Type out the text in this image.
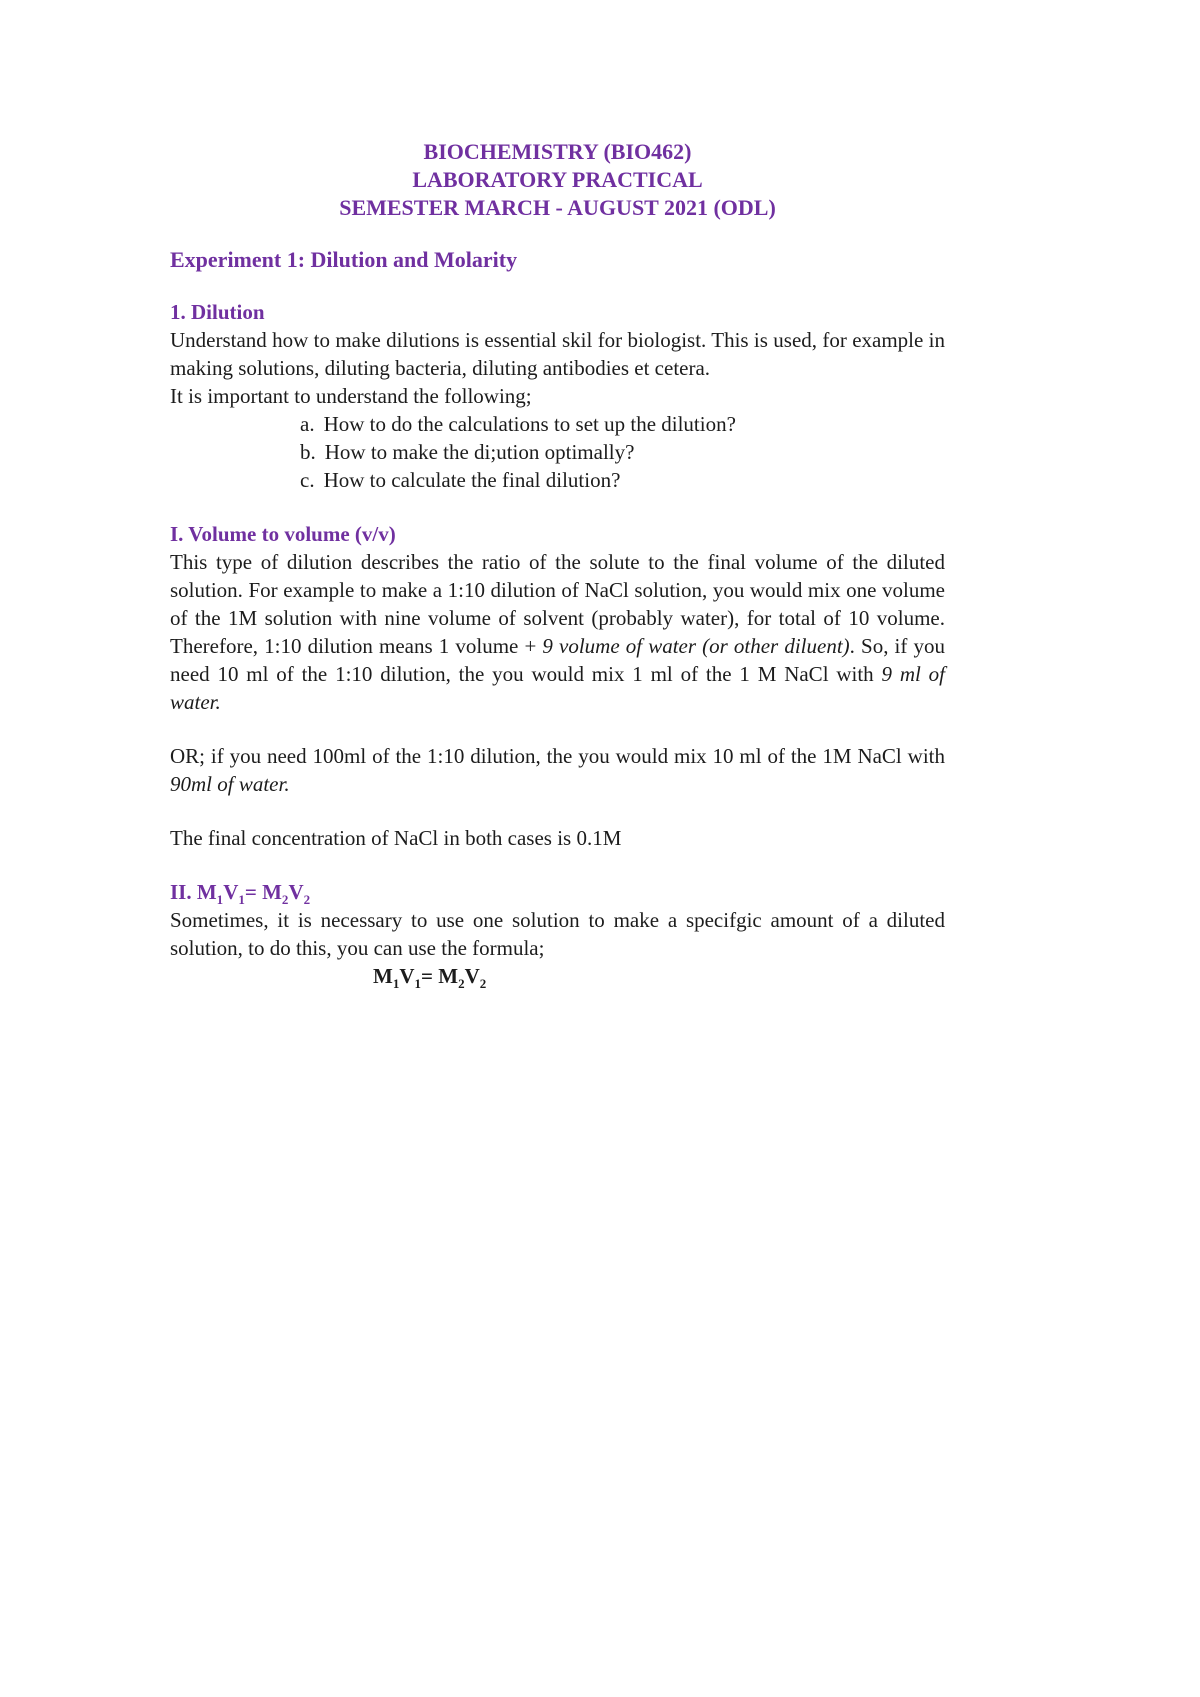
BIOCHEMISTRY (BIO462)
LABORATORY PRACTICAL
SEMESTER MARCH - AUGUST 2021 (ODL)
Experiment 1: Dilution and Molarity
1. Dilution
Understand how to make dilutions is essential skil for biologist. This is used, for example in making solutions, diluting bacteria, diluting antibodies et cetera.
It is important to understand the following;
a. How to do the calculations to set up the dilution?
b. How to make the di;ution optimally?
c. How to calculate the final dilution?
I. Volume to volume (v/v)
This type of dilution describes the ratio of the solute to the final volume of the diluted solution. For example to make a 1:10 dilution of NaCl solution, you would mix one volume of the 1M solution with nine volume of solvent (probably water), for total of 10 volume. Therefore, 1:10 dilution means 1 volume + 9 volume of water (or other diluent). So, if you need 10 ml of the 1:10 dilution, the you would mix 1 ml of the 1 M NaCl with 9 ml of water.
OR; if you need 100ml of the 1:10 dilution, the you would mix 10 ml of the 1M NaCl with 90ml of water.
The final concentration of NaCl in both cases is 0.1M
II. $M_1V_1= M_2V_2$
Sometimes, it is necessary to use one solution to make a specifgic amount of a diluted solution, to do this, you can use the formula;
$M_1V_1= M_2V_2$
